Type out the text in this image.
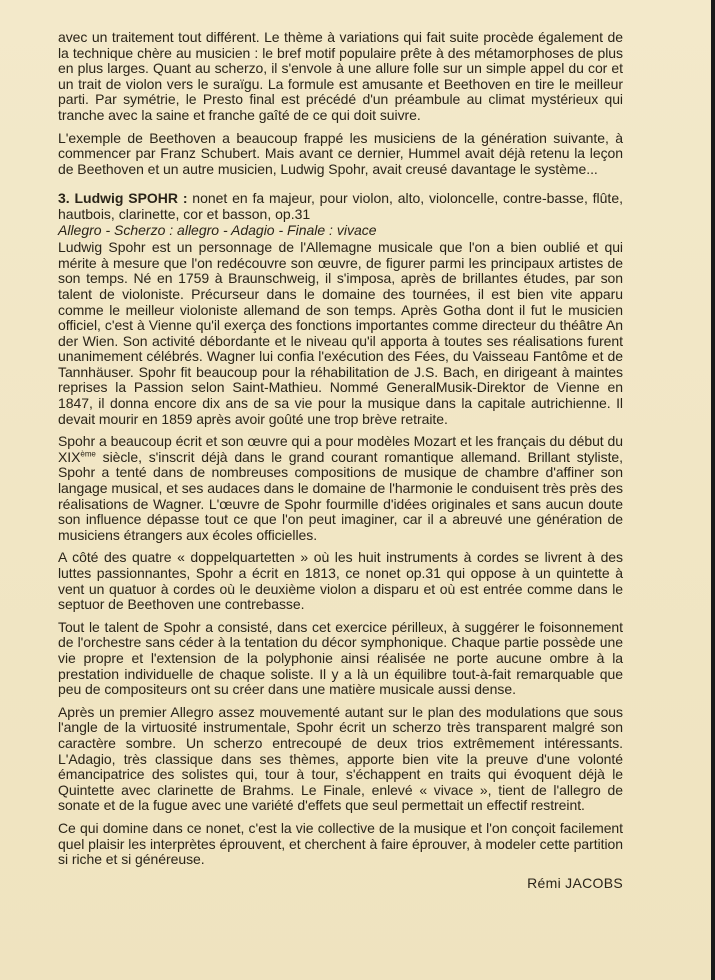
avec un traitement tout différent. Le thème à variations qui fait suite procède également de la technique chère au musicien : le bref motif populaire prête à des métamorphoses de plus en plus larges. Quant au scherzo, il s'envole à une allure folle sur un simple appel du cor et un trait de violon vers le suraïgu. La formule est amusante et Beethoven en tire le meilleur parti. Par symétrie, le Presto final est précédé d'un préambule au climat mystérieux qui tranche avec la saine et franche gaîté de ce qui doit suivre.

L'exemple de Beethoven a beaucoup frappé les musiciens de la génération suivante, à commencer par Franz Schubert. Mais avant ce dernier, Hummel avait déjà retenu la leçon de Beethoven et un autre musicien, Ludwig Spohr, avait creusé davantage le système...

3. Ludwig SPOHR : nonet en fa majeur, pour violon, alto, violoncelle, contre-basse, flûte, hautbois, clarinette, cor et basson, op.31

Allegro - Scherzo : allegro - Adagio - Finale : vivace

Ludwig Spohr est un personnage de l'Allemagne musicale que l'on a bien oublié et qui mérite à mesure que l'on redécouvre son œuvre, de figurer parmi les principaux artistes de son temps. Né en 1759 à Braunschweig, il s'imposa, après de brillantes études, par son talent de violoniste. Précurseur dans le domaine des tournées, il est bien vite apparu comme le meilleur violoniste allemand de son temps. Après Gotha dont il fut le musicien officiel, c'est à Vienne qu'il exerça des fonctions importantes comme directeur du théâtre An der Wien. Son activité débordante et le niveau qu'il apporta à toutes ses réalisations furent unanimement célébrés. Wagner lui confia l'exécution des Fées, du Vaisseau Fantôme et de Tannhäuser. Spohr fit beaucoup pour la réhabilitation de J.S. Bach, en dirigeant à maintes reprises la Passion selon Saint-Mathieu. Nommé GeneralMusik-Direktor de Vienne en 1847, il donna encore dix ans de sa vie pour la musique dans la capitale autrichienne. Il devait mourir en 1859 après avoir goûté une trop brève retraite.

Spohr a beaucoup écrit et son œuvre qui a pour modèles Mozart et les français du début du XIXème siècle, s'inscrit déjà dans le grand courant romantique allemand. Brillant styliste, Spohr a tenté dans de nombreuses compositions de musique de chambre d'affiner son langage musical, et ses audaces dans le domaine de l'harmonie le conduisent très près des réalisations de Wagner. L'œuvre de Spohr fourmille d'idées originales et sans aucun doute son influence dépasse tout ce que l'on peut imaginer, car il a abreuvé une génération de musiciens étrangers aux écoles officielles.

A côté des quatre « doppelquartetten » où les huit instruments à cordes se livrent à des luttes passionnantes, Spohr a écrit en 1813, ce nonet op.31 qui oppose à un quintette à vent un quatuor à cordes où le deuxième violon a disparu et où est entrée comme dans le septuor de Beethoven une contrebasse.

Tout le talent de Spohr a consisté, dans cet exercice périlleux, à suggérer le foisonnement de l'orchestre sans céder à la tentation du décor symphonique. Chaque partie possède une vie propre et l'extension de la polyphonie ainsi réalisée ne porte aucune ombre à la prestation individuelle de chaque soliste. Il y a là un équilibre tout-à-fait remarquable que peu de compositeurs ont su créer dans une matière musicale aussi dense.

Après un premier Allegro assez mouvementé autant sur le plan des modulations que sous l'angle de la virtuosité instrumentale, Spohr écrit un scherzo très transparent malgré son caractère sombre. Un scherzo entrecoupé de deux trios extrêmement intéressants. L'Adagio, très classique dans ses thèmes, apporte bien vite la preuve d'une volonté émancipatrice des solistes qui, tour à tour, s'échappent en traits qui évoquent déjà le Quintette avec clarinette de Brahms. Le Finale, enlevé « vivace », tient de l'allegro de sonate et de la fugue avec une variété d'effets que seul permettait un effectif restreint.

Ce qui domine dans ce nonet, c'est la vie collective de la musique et l'on conçoit facilement quel plaisir les interprètes éprouvent, et cherchent à faire éprouver, à modeler cette partition si riche et si généreuse.

Rémi JACOBS
